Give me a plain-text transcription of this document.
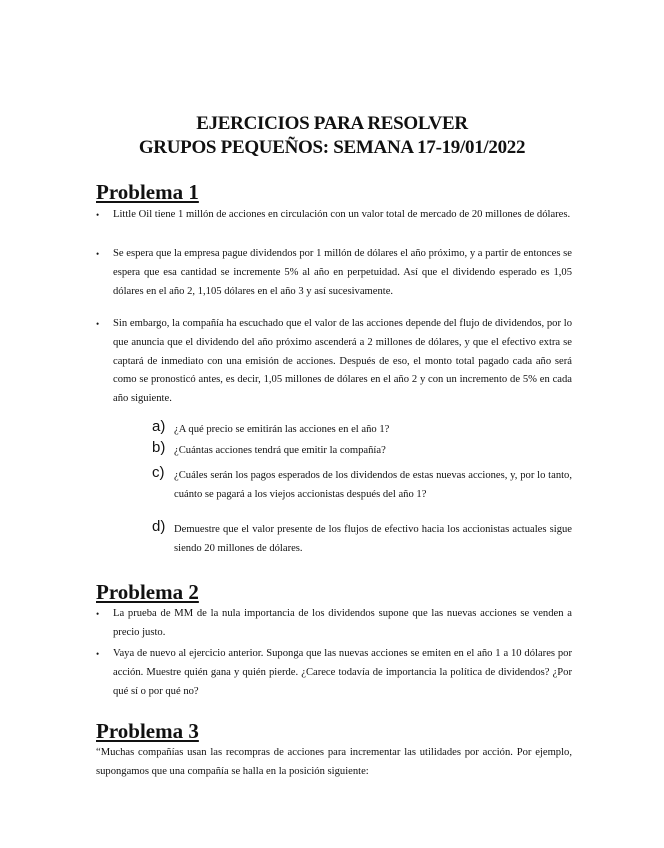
EJERCICIOS PARA RESOLVER
GRUPOS PEQUEÑOS: SEMANA 17-19/01/2022
Problema 1
• Little Oil tiene 1 millón de acciones en circulación con un valor total de mercado de 20 millones de dólares.
• Se espera que la empresa pague dividendos por 1 millón de dólares el año próximo, y a partir de entonces se espera que esa cantidad se incremente 5% al año en perpetuidad. Así que el dividendo esperado es 1,05 dólares en el año 2, 1,105 dólares en el año 3 y así sucesivamente.
• Sin embargo, la compañía ha escuchado que el valor de las acciones depende del flujo de dividendos, por lo que anuncia que el dividendo del año próximo ascenderá a 2 millones de dólares, y que el efectivo extra se captará de inmediato con una emisión de acciones. Después de eso, el monto total pagado cada año será como se pronosticó antes, es decir, 1,05 millones de dólares en el año 2 y con un incremento de 5% en cada año siguiente.
a) ¿A qué precio se emitirán las acciones en el año 1?
b) ¿Cuántas acciones tendrá que emitir la compañía?
c) ¿Cuáles serán los pagos esperados de los dividendos de estas nuevas acciones, y, por lo tanto, cuánto se pagará a los viejos accionistas después del año 1?
d) Demuestre que el valor presente de los flujos de efectivo hacia los accionistas actuales sigue siendo 20 millones de dólares.
Problema 2
• La prueba de MM de la nula importancia de los dividendos supone que las nuevas acciones se venden a precio justo.
• Vaya de nuevo al ejercicio anterior. Suponga que las nuevas acciones se emiten en el año 1 a 10 dólares por acción. Muestre quién gana y quién pierde. ¿Carece todavía de importancia la política de dividendos? ¿Por qué sí o por qué no?
Problema 3
“Muchas compañías usan las recompras de acciones para incrementar las utilidades por acción. Por ejemplo, supongamos que una compañía se halla en la posición siguiente:
